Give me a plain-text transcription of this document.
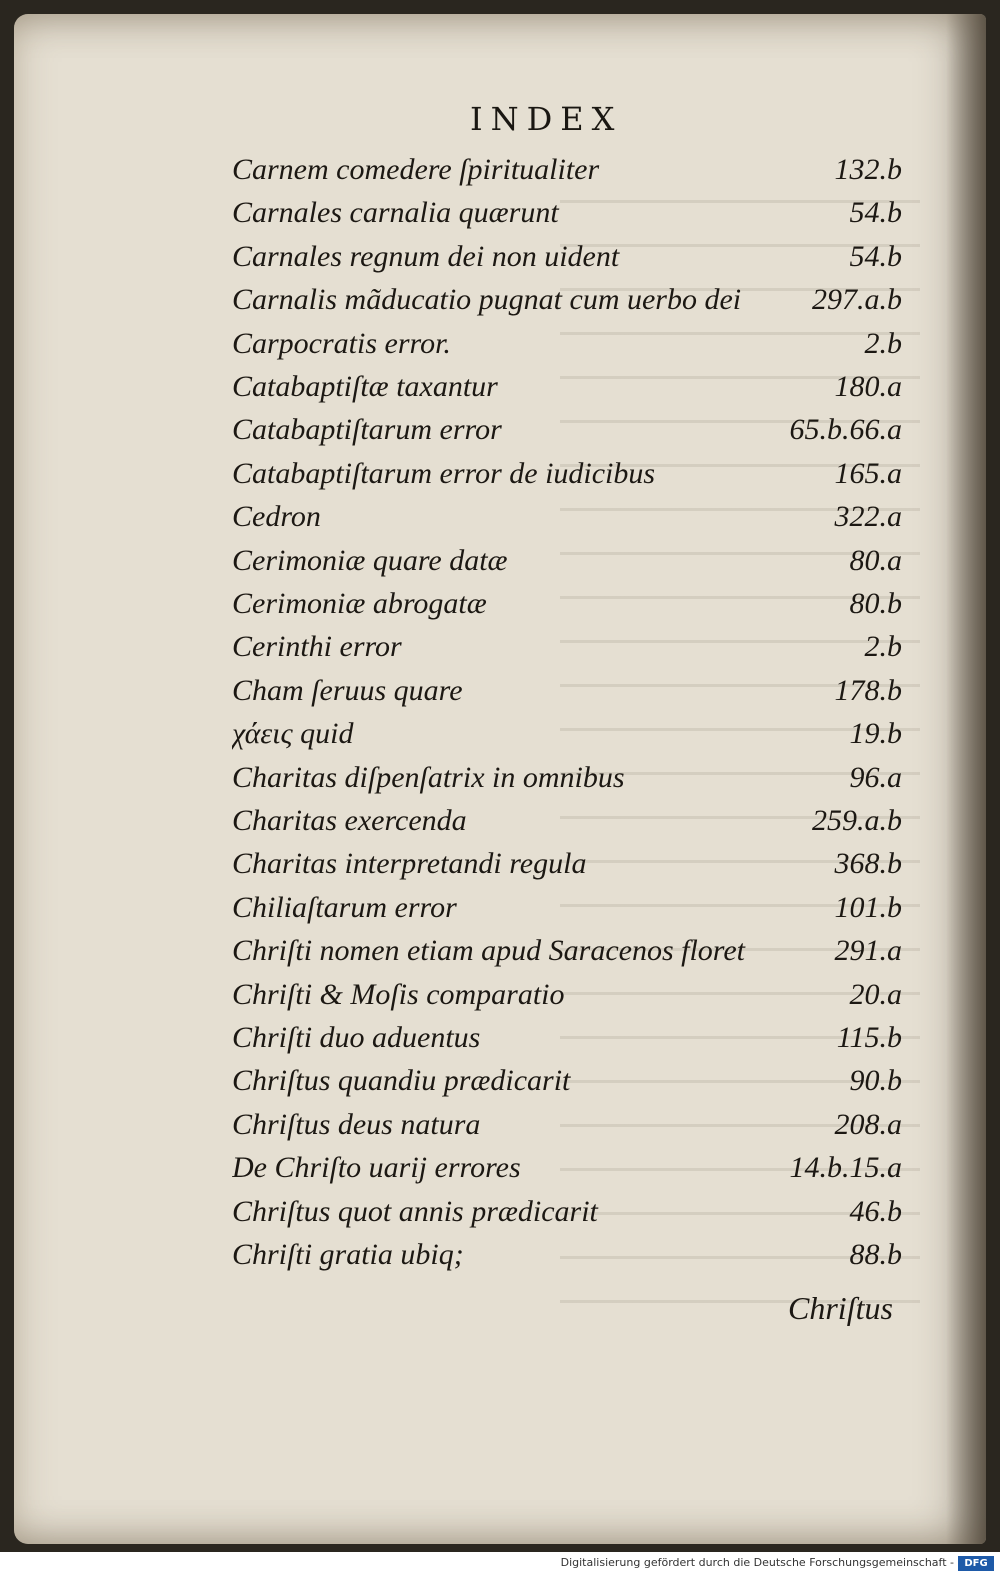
INDEX
Carnem comedere ſpiritualiter	132.b
Carnales carnalia quærunt	54.b
Carnales regnum dei non uident	54.b
Carnalis mãducatio pugnat cum uerbo dei	297.a.b
Carpocratis error.	2.b
Catabaptiſtæ taxantur	180.a
Catabaptiſtarum error	65.b.66.a
Catabaptiſtarum error de iudicibus	165.a
Cedron	322.a
Cerimoniæ quare datæ	80.a
Cerimoniæ abrogatæ	80.b
Cerinthi error	2.b
Cham ſeruus quare	178.b
χάεις quid	19.b
Charitas diſpenſatrix in omnibus	96.a
Charitas exercenda	259.a.b
Charitas interpretandi regula	368.b
Chiliaſtarum error	101.b
Chriſti nomen etiam apud Saracenos floret	291.a
Chriſti & Moſis comparatio	20.a
Chriſti duo aduentus	115.b
Chriſtus quandiu prædicarit	90.b
Chriſtus deus natura	208.a
De Chriſto uarij errores	14.b.15.a
Chriſtus quot annis prædicarit	46.b
Chriſti gratia ubiq;	88.b
Chriſtus
Digitalisierung gefördert durch die Deutsche Forschungsgemeinschaft -	DFG
